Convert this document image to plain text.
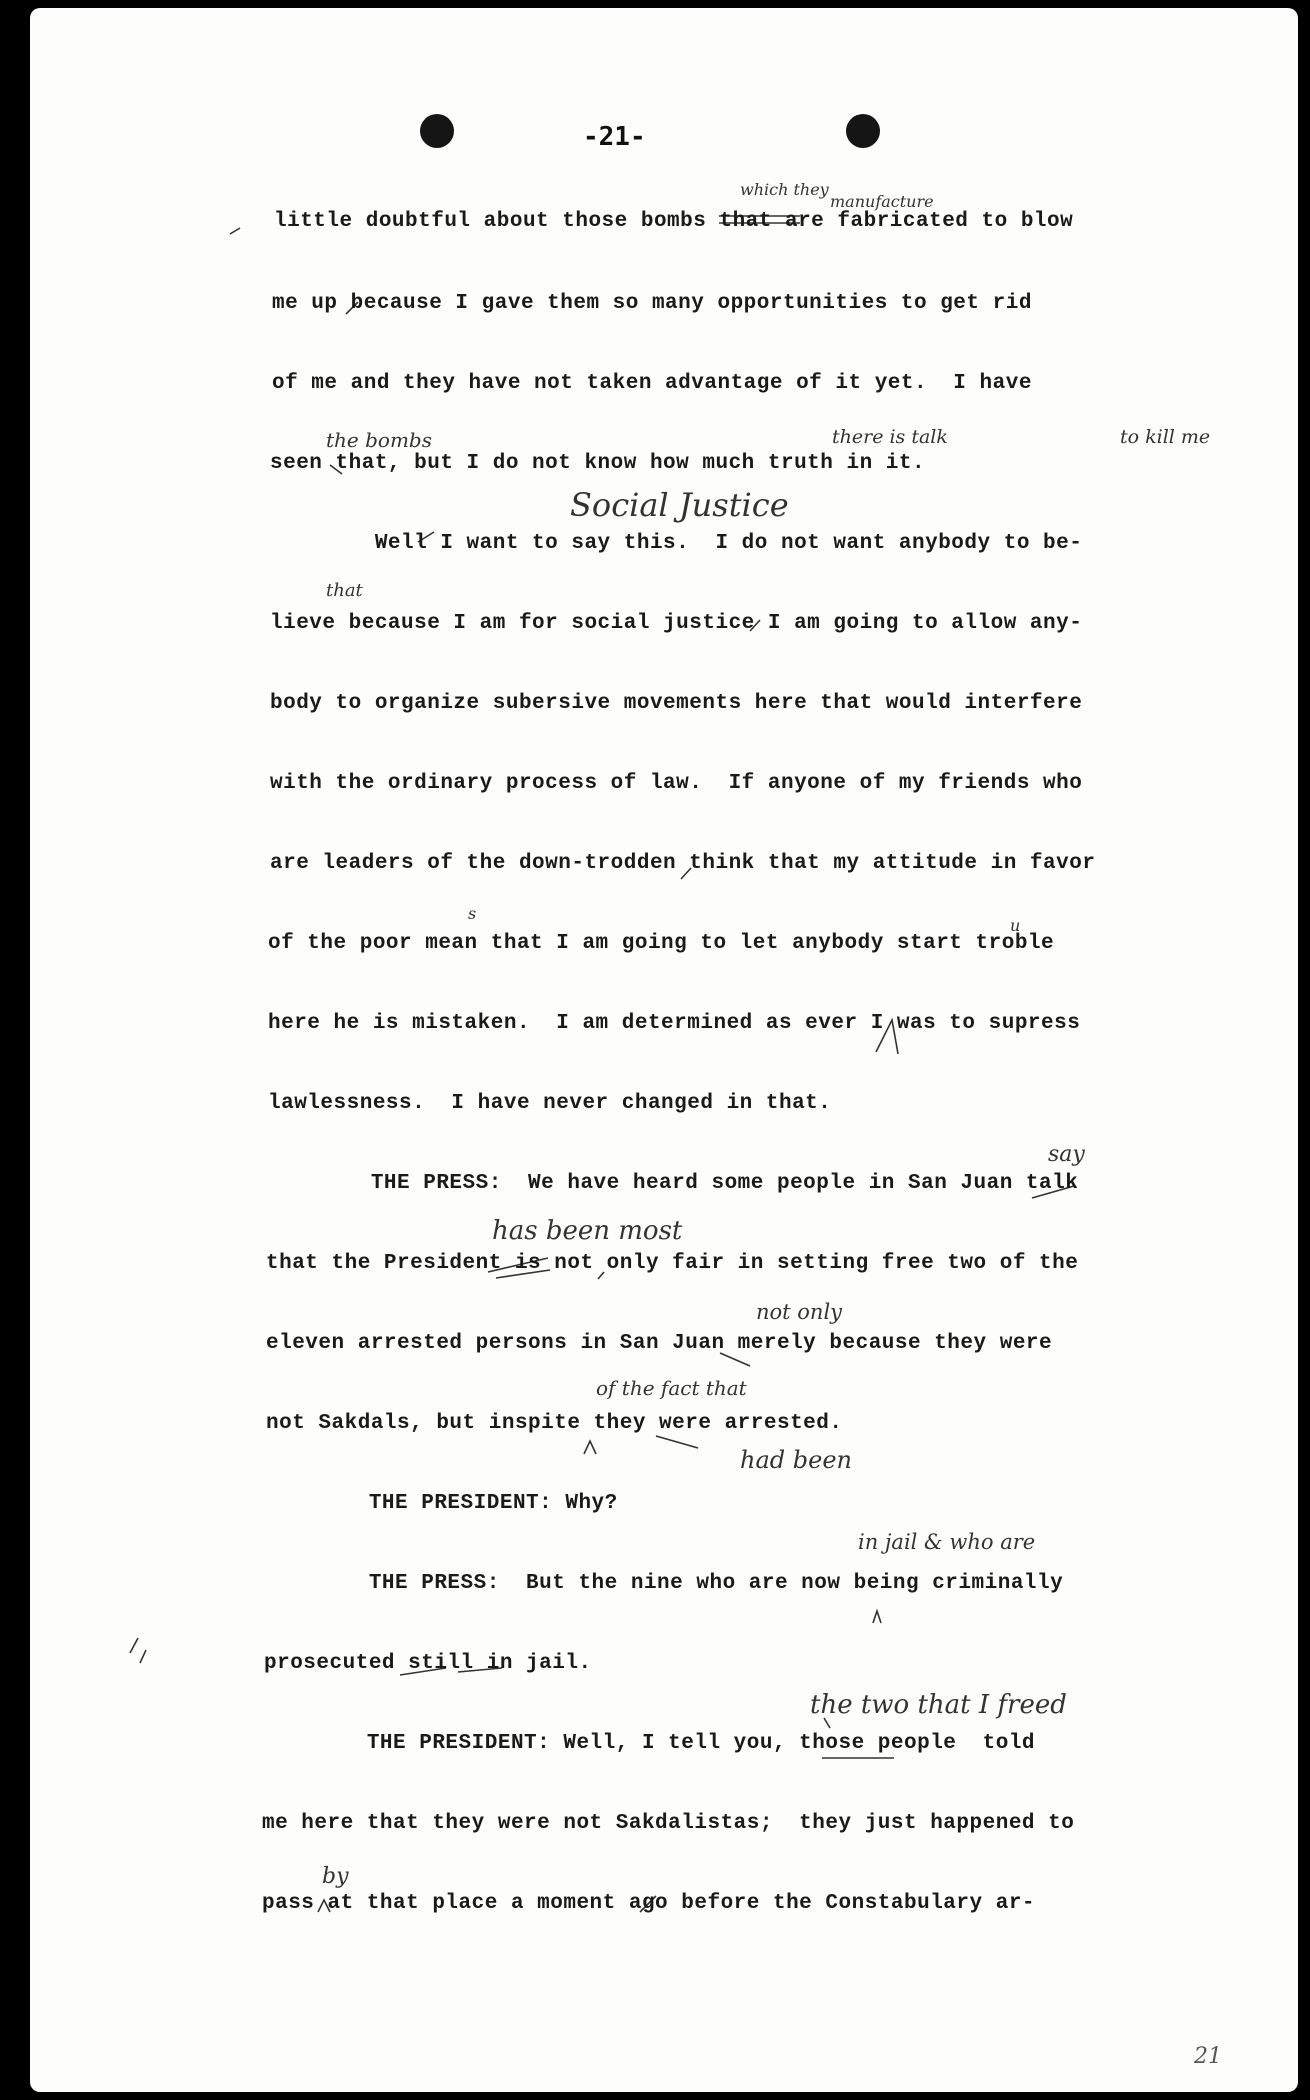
-21-
little doubtful about those bombs that are fabricated to blow
me up because I gave them so many opportunities to get rid
of me and they have not taken advantage of it yet.  I have
seen that, but I do not know how much truth in it.
Well I want to say this.  I do not want anybody to be-
lieve because I am for social justice I am going to allow any-
body to organize subersive movements here that would interfere
with the ordinary process of law.  If anyone of my friends who
are leaders of the down-trodden think that my attitude in favor
of the poor mean that I am going to let anybody start troble
here he is mistaken.  I am determined as ever I was to supress
lawlessness.  I have never changed in that.
THE PRESS:  We have heard some people in San Juan talk
that the President is not only fair in setting free two of the
eleven arrested persons in San Juan merely because they were
not Sakdals, but inspite they were arrested.
THE PRESIDENT: Why?
THE PRESS:  But the nine who are now being criminally
prosecuted still in jail.
THE PRESIDENT: Well, I tell you, those people  told
me here that they were not Sakdalistas;  they just happened to
pass at that place a moment ago before the Constabulary ar-
which they
manufacture
the bombs	there is talk	to kill me
Social Justice
that
s
u
say
has been most
not only
of the fact that
had been
in jail & who are
the two that I freed
by
21
